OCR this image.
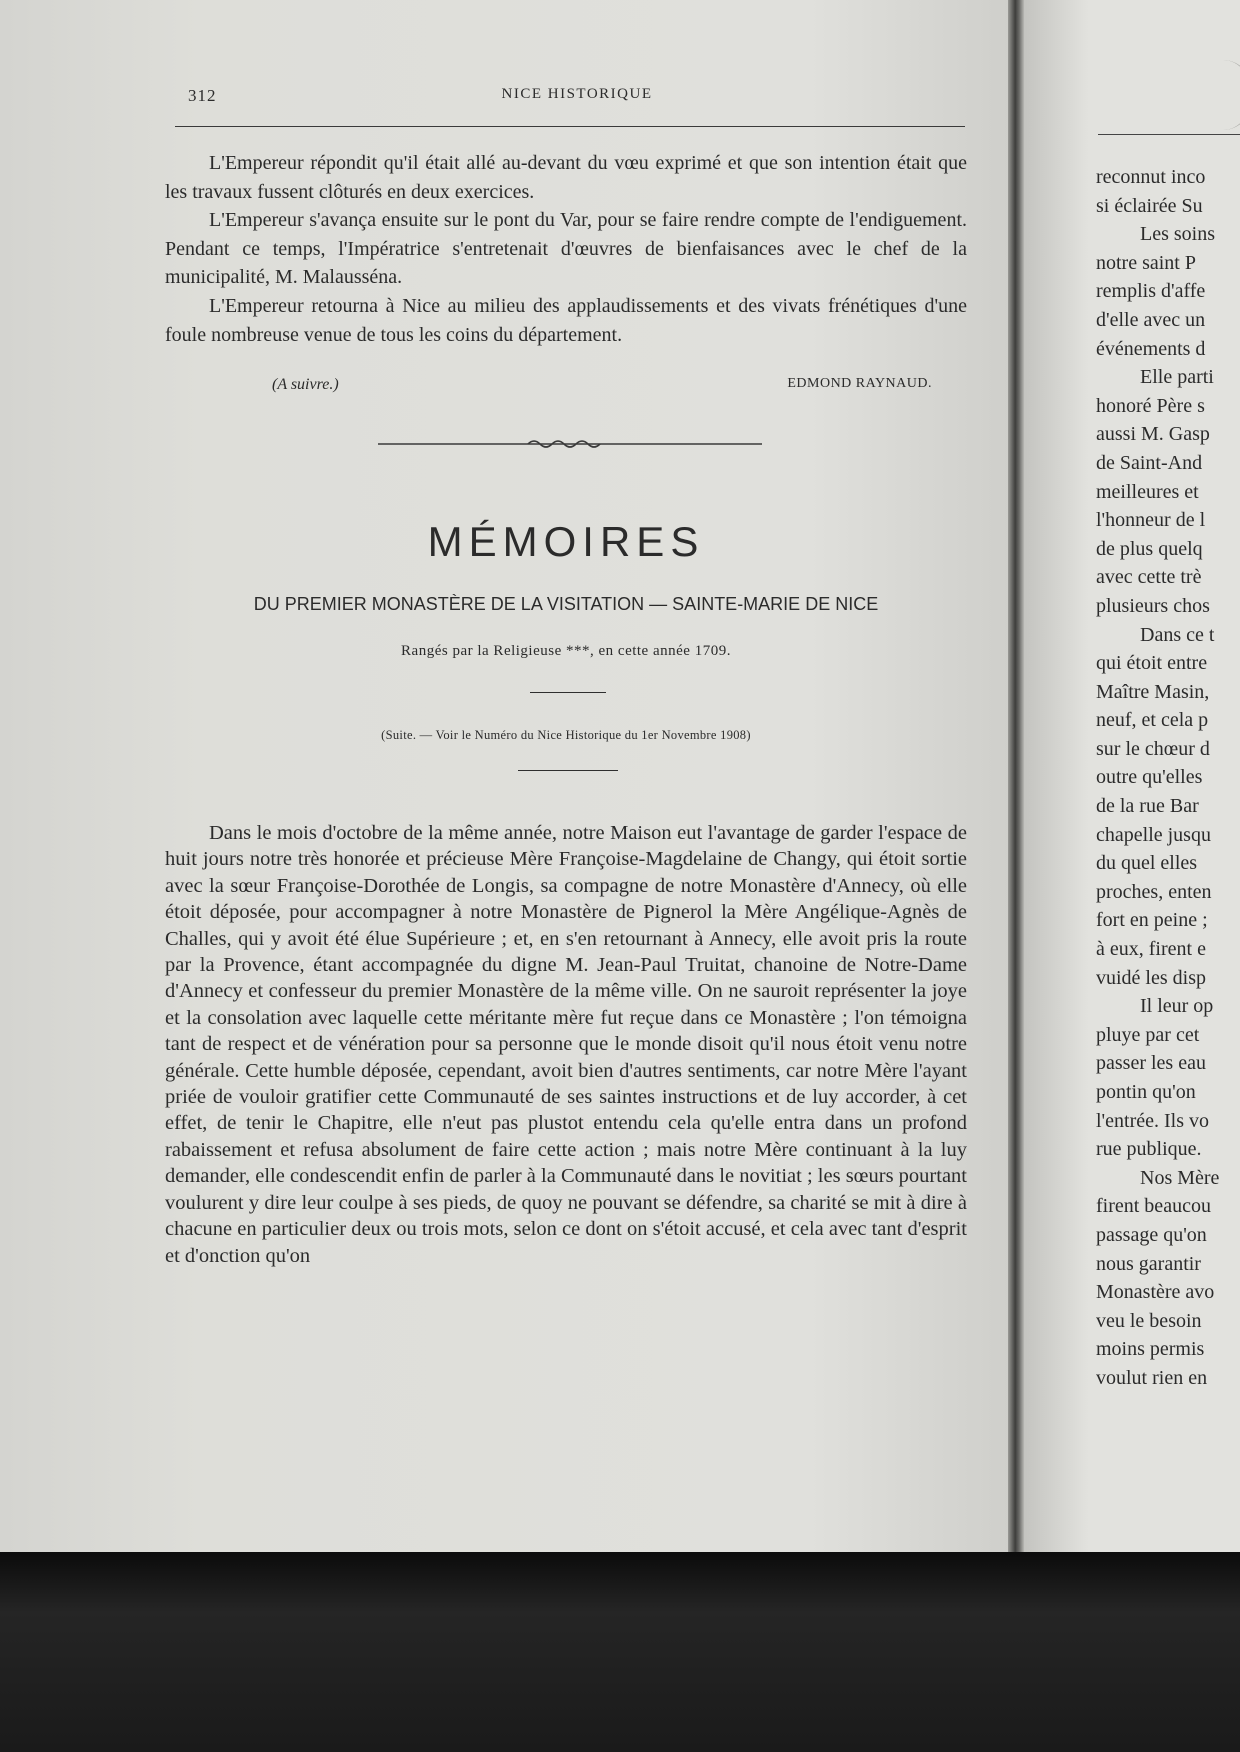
312	NICE HISTORIQUE

L'Empereur répondit qu'il était allé au-devant du vœu exprimé et que son intention était que les travaux fussent clôturés en deux exercices.

L'Empereur s'avança ensuite sur le pont du Var, pour se faire rendre compte de l'endiguement. Pendant ce temps, l'Impératrice s'entretenait d'œuvres de bienfaisances avec le chef de la municipalité, M. Malausséna.

L'Empereur retourna à Nice au milieu des applaudissements et des vivats frénétiques d'une foule nombreuse venue de tous les coins du département.

(A suivre.)	EDMOND RAYNAUD.
MÉMOIRES
DU PREMIER MONASTÈRE DE LA VISITATION — SAINTE-MARIE DE NICE
Rangés par la Religieuse ***, en cette année 1709.
(Suite. — Voir le Numéro du Nice Historique du 1er Novembre 1908)

Dans le mois d'octobre de la même année, notre Maison eut l'avantage de garder l'espace de huit jours notre très honorée et précieuse Mère Françoise-Magdelaine de Changy, qui étoit sortie avec la sœur Françoise-Dorothée de Longis, sa compagne de notre Monastère d'Annecy, où elle étoit déposée, pour accompagner à notre Monastère de Pignerol la Mère Angélique-Agnès de Challes, qui y avoit été élue Supérieure ; et, en s'en retournant à Annecy, elle avoit pris la route par la Provence, étant accompagnée du digne M. Jean-Paul Truitat, chanoine de Notre-Dame d'Annecy et confesseur du premier Monastère de la même ville. On ne sauroit représenter la joye et la consolation avec laquelle cette méritante mère fut reçue dans ce Monastère ; l'on témoigna tant de respect et de vénération pour sa personne que le monde disoit qu'il nous étoit venu notre générale. Cette humble déposée, cependant, avoit bien d'autres sentiments, car notre Mère l'ayant priée de vouloir gratifier cette Communauté de ses saintes instructions et de luy accorder, à cet effet, de tenir le Chapitre, elle n'eut pas plustot entendu cela qu'elle entra dans un profond rabaissement et refusa absolument de faire cette action ; mais notre Mère continuant à la luy demander, elle condescendit enfin de parler à la Communauté dans le novitiat ; les sœurs pourtant voulurent y dire leur coulpe à ses pieds, de quoy ne pouvant se défendre, sa charité se mit à dire à chacune en particulier deux ou trois mots, selon ce dont on s'étoit accusé, et cela avec tant d'esprit et d'onction qu'on

reconnut inco
si éclairée Su
Les soins
notre saint P
remplis d'affe
d'elle avec un
événements d
Elle parti
honoré Père s
aussi M. Gasp
de Saint-And
meilleures et
l'honneur de l
de plus quelq
avec cette trè
plusieurs chos
Dans ce t
qui étoit entre
Maître Masin,
neuf, et cela p
sur le chœur d
outre qu'elles
de la rue Bar
chapelle jusqu
du quel elles
proches, enten
fort en peine ;
à eux, firent e
vuidé les disp
Il leur op
pluye par cet
passer les eau
pontin qu'on
l'entrée. Ils vo
rue publique.
Nos Mère
firent beaucou
passage qu'on
nous garantir
Monastère avo
veu le besoin
moins permis
voulut rien en
